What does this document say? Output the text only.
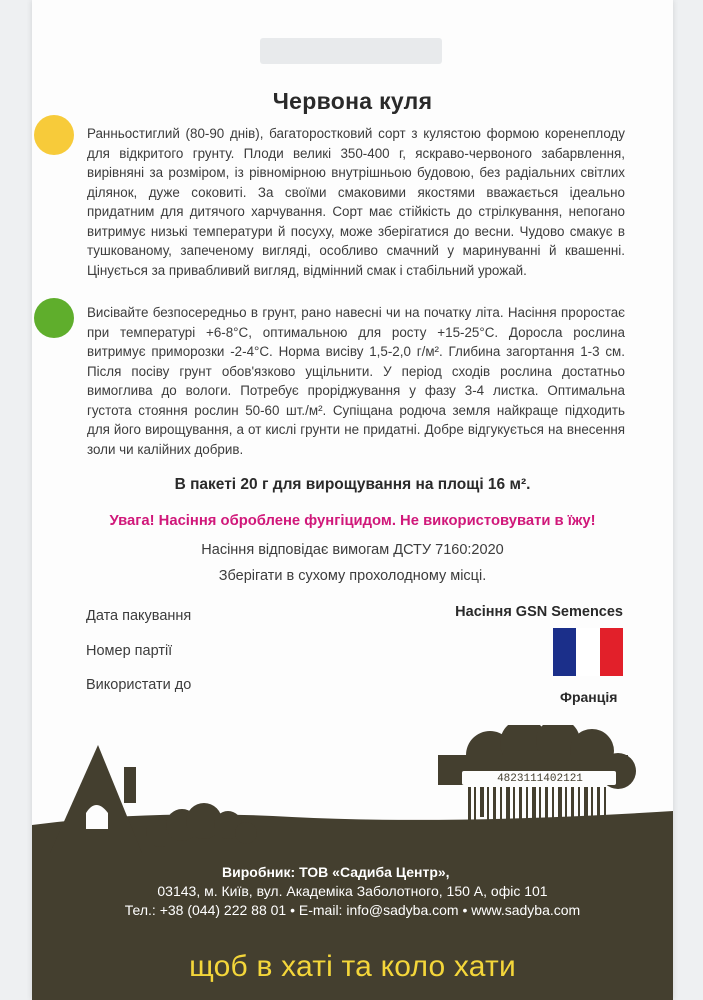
Червона куля

Ранньостиглий (80-90 днів), багаторостковий сорт з кулястою формою коренеплоду для відкритого грунту. Плоди великі 350-400 г, яскраво-червоного забарвлення, вирівняні за розміром, із рівномірною внутрішньою будовою, без радіальних світлих ділянок, дуже соковиті. За своїми смаковими якостями вважається ідеально придатним для дитячого харчування. Сорт має стійкість до стрілкування, непогано витримує низькі температури й посуху, може зберігатися до весни. Чудово смакує в тушкованому, запеченому вигляді, особливо смачний у маринуванні й квашенні. Цінується за привабливий вигляд, відмінний смак і стабільний урожай.

Висівайте безпосередньо в грунт, рано навесні чи на початку літа. Насіння проростає при температурі +6-8°C, оптимальною для росту +15-25°C. Доросла рослина витримує приморозки -2-4°C. Норма висіву 1,5-2,0 г/м². Глибина загортання 1-3 см. Після посіву грунт обов'язково ущільнити. У період сходів рослина достатньо вимоглива до вологи. Потребує проріджування у фазу 3-4 листка. Оптимальна густота стояння рослин 50-60 шт./м². Супіщана родюча земля найкраще підходить для його вирощування, а от кислі грунти не придатні. Добре відгукується на внесення золи чи калійних добрив.

В пакеті 20 г для вирощування на площі 16 м².
Увага! Насіння оброблене фунгіцидом. Не використовувати в їжу!
Насіння відповідає вимогам ДСТУ 7160:2020
Зберігати в сухому прохолодному місці.
Дата пакування
Номер партії
Використати до
Насіння GSN Semences
Франція
4823111402121
Виробник: ТОВ «Садиба Центр»,
03143, м. Київ, вул. Академіка Заболотного, 150 А, офіс 101
Тел.: +38 (044) 222 88 01 • E-mail: info@sadyba.com • www.sadyba.com
щоб в хаті та коло хати
